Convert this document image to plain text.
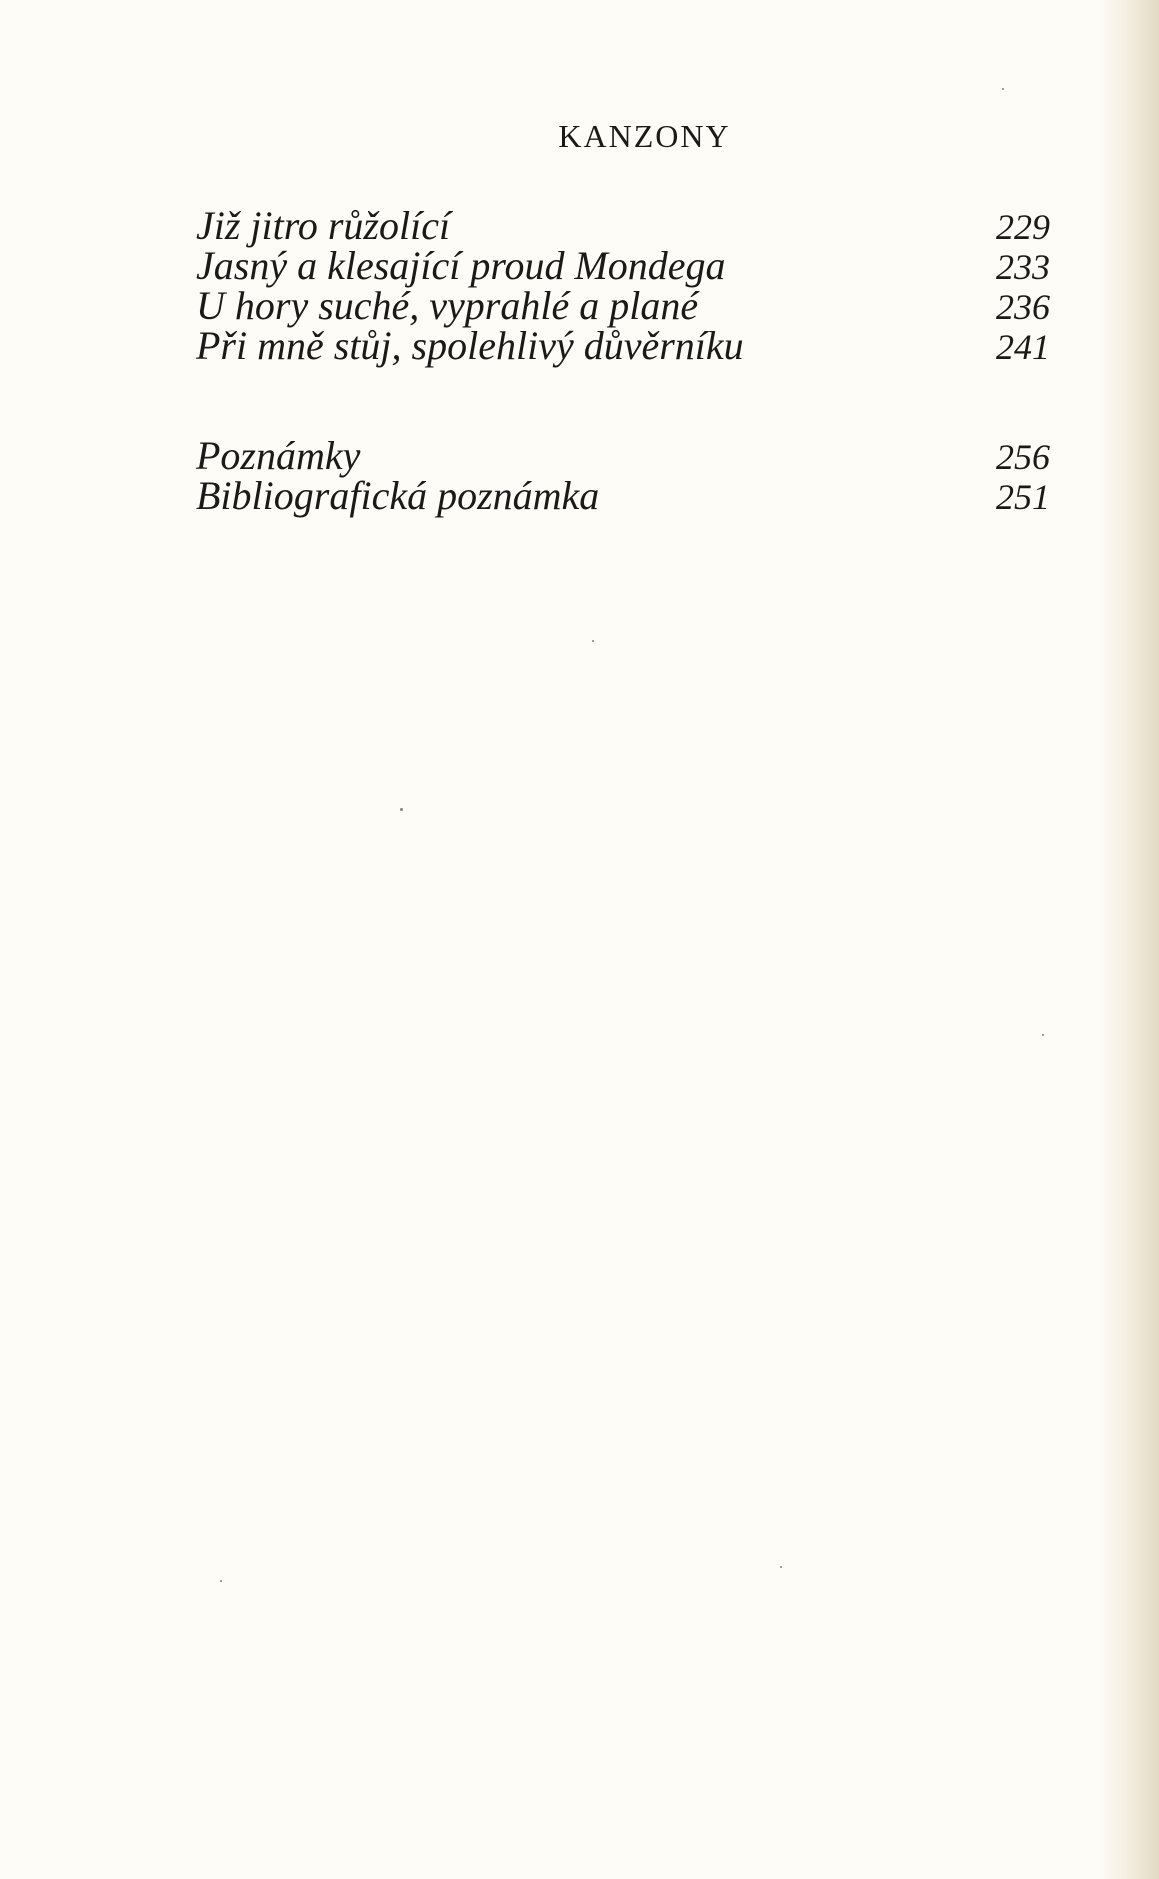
KANZONY
Již jitro růžolící	229
Jasný a klesající proud Mondega	233
U hory suché, vyprahlé a plané	236
Při mně stůj, spolehlivý důvěrníku	241
Poznámky	256
Bibliografická poznámka	251
